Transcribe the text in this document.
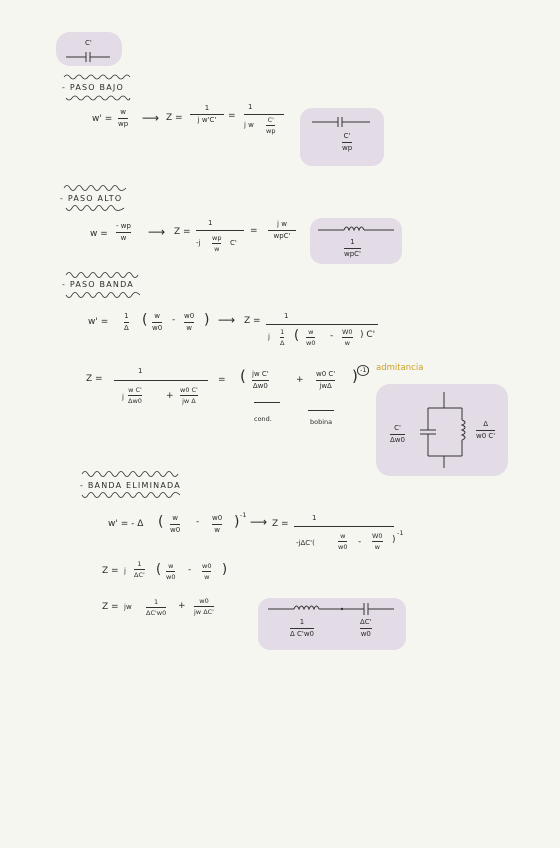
C'
- PASO BAJO
w' =
w
wp ⟶ Z =
1
j w'C' =
1
j w
C'
wp
C'
wp
- PASO ALTO
w =
- wp
w ⟶ Z =
1
-j
wp
w
C'
=
j w
wpC'
1
wpC'
- PASO BANDA
w' =
1
Δ ( w
w0
- w0
w ) ⟶ Z =	1
j
1
Δ
( w
w0
- W0
w
) C'
Z =
1
j
w C'
Δw0
+
w0 C'
jw Δ
= ( jw C'
Δw0
+
w0 C'
jwΔ
) -1	admitancia
cond.	bobina
C'
Δw0
Δ
w0 C'
- BANDA ELIMINADA
w' = - Δ ( w
w0
- w0
w ) -1 ⟶ Z =
1
-jΔC'(
w
w0
-
W0
w
)
-1
Z = j
1
ΔC' ( w
w0
- w0
w
)
Z = jw
1
ΔC'w0
+ w0
jw ΔC'
1
Δ C'w0
ΔC'
w0
